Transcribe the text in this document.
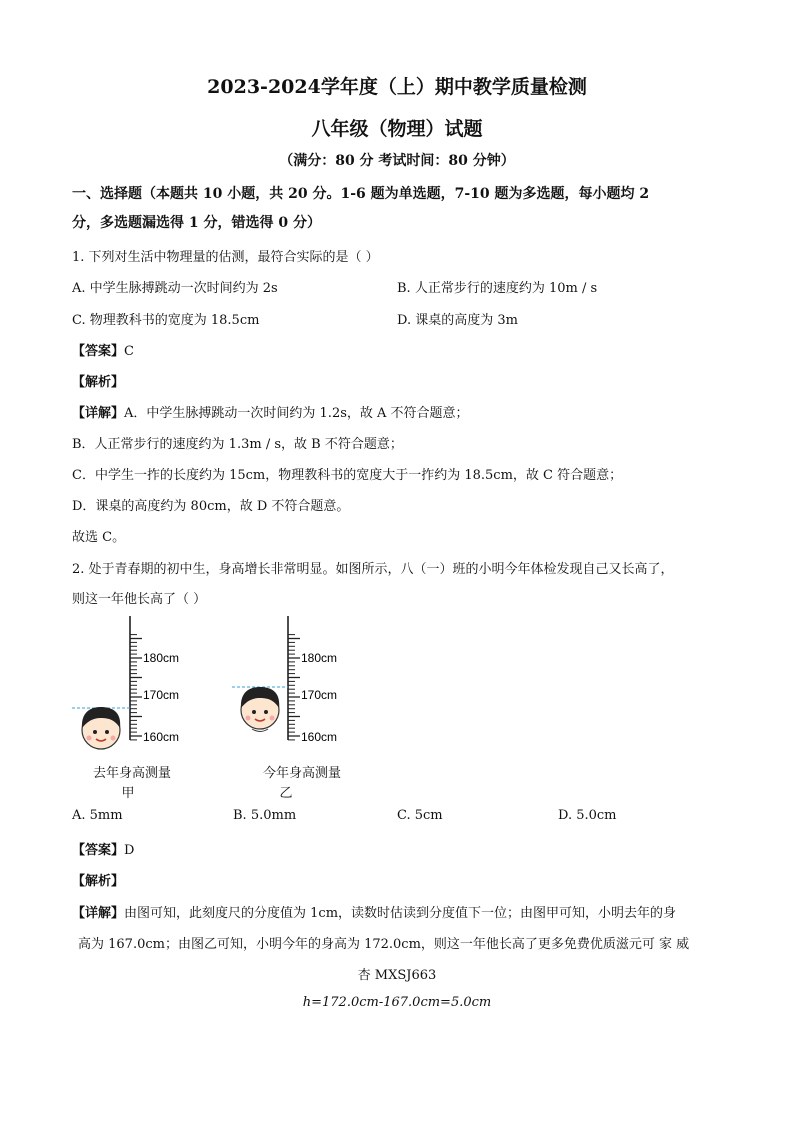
2023-2024学年度（上）期中教学质量检测
八年级（物理）试题
（满分：80 分 考试时间：80 分钟）
一、选择题（本题共 10 小题，共 20 分。1-6 题为单选题，7-10 题为多选题，每小题均 2
分，多选题漏选得 1 分，错选得 0 分）
1. 下列对生活中物理量的估测，最符合实际的是（ ）
A. 中学生脉搏跳动一次时间约为 2s	B. 人正常步行的速度约为 10m / s
C. 物理教科书的宽度为 18.5cm	D. 课桌的高度为 3m
【答案】C
【解析】
【详解】A．中学生脉搏跳动一次时间约为 1.2s，故 A 不符合题意；
B．人正常步行的速度约为 1.3m / s，故 B 不符合题意；
C．中学生一拃的长度约为 15cm，物理教科书的宽度大于一拃约为 18.5cm，故 C 符合题意；
D．课桌的高度约为 80cm，故 D 不符合题意。
故选 C。
2. 处于青春期的初中生，身高增长非常明显。如图所示，八（一）班的小明今年体检发现自己又长高了，
则这一年他长高了（ ）
180cm
170cm
160cm
180cm
170cm
160cm
去年身高测量
甲
今年身高测量
乙
A. 5mm	B. 5.0mm	C. 5cm	D. 5.0cm
【答案】D
【解析】
【详解】由图可知，此刻度尺的分度值为 1cm，读数时估读到分度值下一位；由图甲可知，小明去年的身
高为 167.0cm；由图乙可知，小明今年的身高为 172.0cm，则这一年他长高了更多免费优质滋元可 家 威
杏 MXSJ663
h=172.0cm-167.0cm=5.0cm
